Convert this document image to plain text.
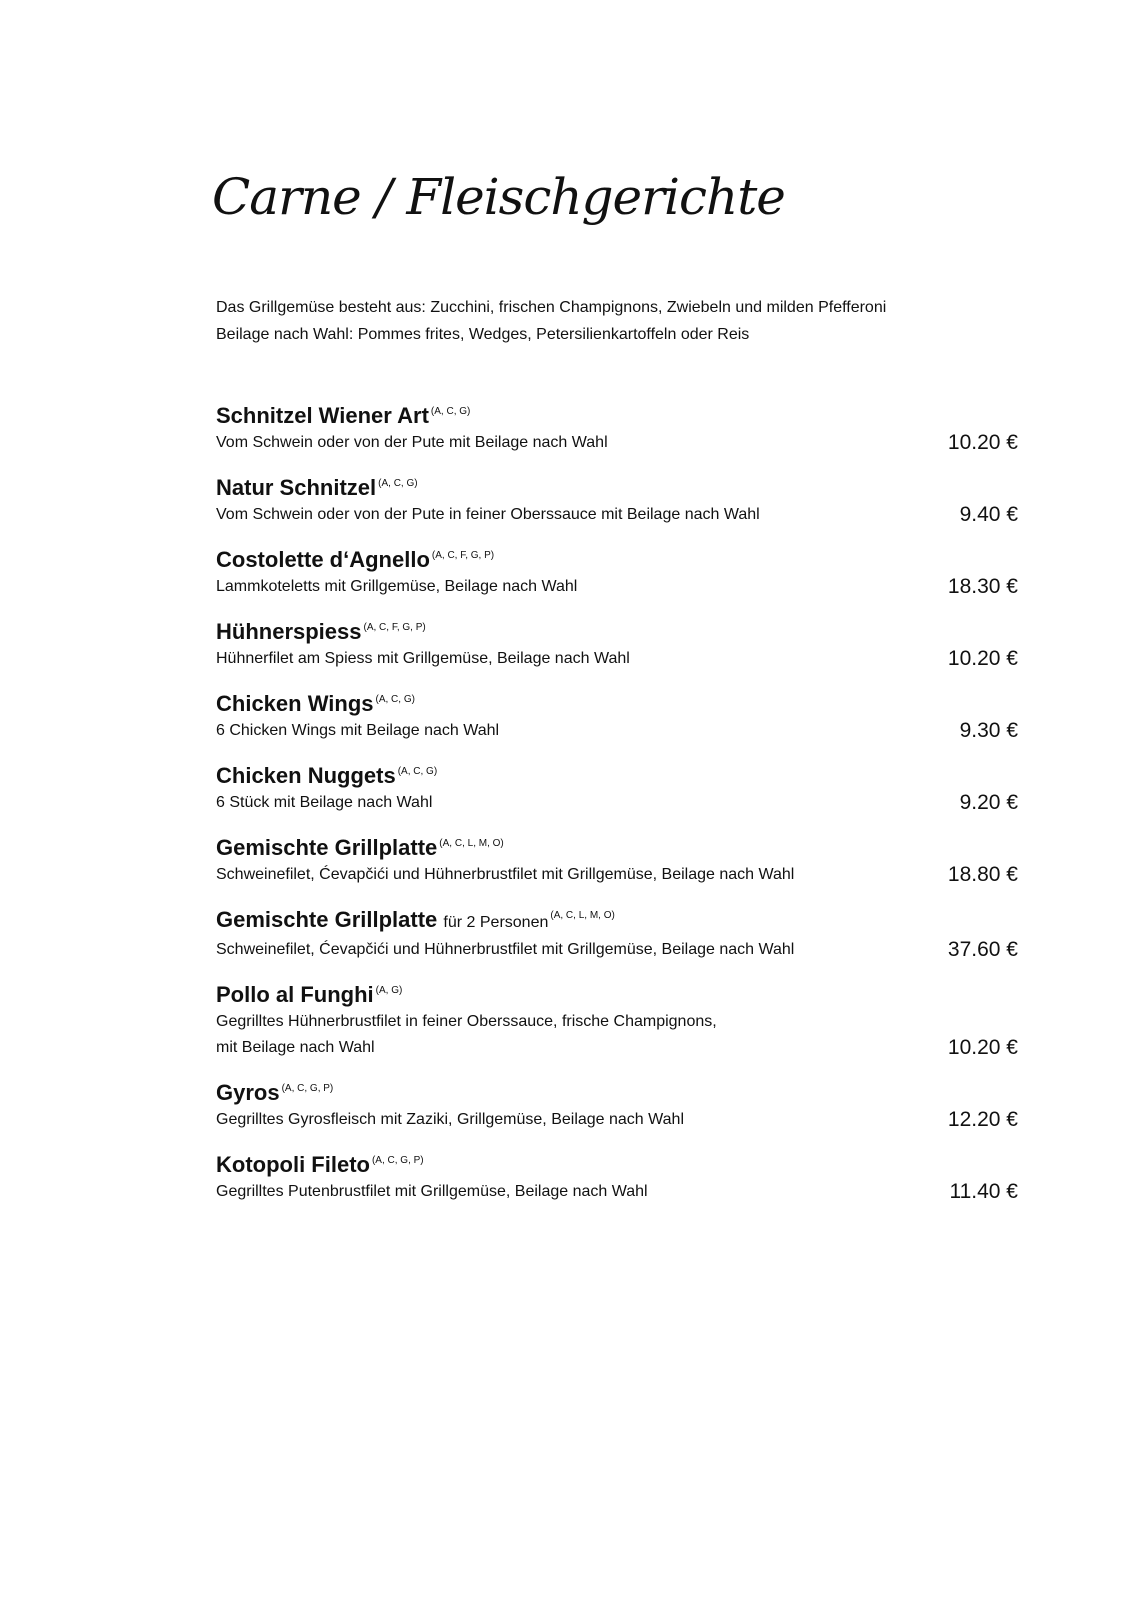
Carne / Fleischgerichte
Das Grillgemüse besteht aus: Zucchini, frischen Champignons, Zwiebeln und milden Pfefferoni
Beilage nach Wahl: Pommes frites, Wedges, Petersilienkartoffeln oder Reis
Schnitzel Wiener Art $^{(A, C, G)}$
Vom Schwein oder von der Pute mit Beilage nach Wahl	10.20 €
Natur Schnitzel $^{(A, C, G)}$
Vom Schwein oder von der Pute in feiner Oberssauce mit Beilage nach Wahl	9.40 €
Costolette d‘Agnello $^{(A, C, F, G, P)}$
Lammkoteletts mit Grillgemüse, Beilage nach Wahl	18.30 €
Hühnerspiess $^{(A, C, F, G, P)}$
Hühnerfilet am Spiess mit Grillgemüse, Beilage nach Wahl	10.20 €
Chicken Wings $^{(A, C, G)}$
6 Chicken Wings mit Beilage nach Wahl	9.30 €
Chicken Nuggets $^{(A, C, G)}$
6 Stück mit Beilage nach Wahl	9.20 €
Gemischte Grillplatte $^{(A, C, L, M, O)}$
Schweinefilet, Ćevapčići und Hühnerbrustfilet mit Grillgemüse, Beilage nach Wahl	18.80 €
Gemischte Grillplatte für 2 Personen $^{(A, C, L, M, O)}$
Schweinefilet, Ćevapčići und Hühnerbrustfilet mit Grillgemüse, Beilage nach Wahl	37.60 €
Pollo al Funghi $^{(A, G)}$
Gegrilltes Hühnerbrustfilet in feiner Oberssauce, frische Champignons,
mit Beilage nach Wahl	10.20 €
Gyros $^{(A, C, G, P)}$
Gegrilltes Gyrosfleisch mit Zaziki, Grillgemüse, Beilage nach Wahl	12.20 €
Kotopoli Fileto $^{(A, C, G, P)}$
Gegrilltes Putenbrustfilet mit Grillgemüse, Beilage nach Wahl	11.40 €
